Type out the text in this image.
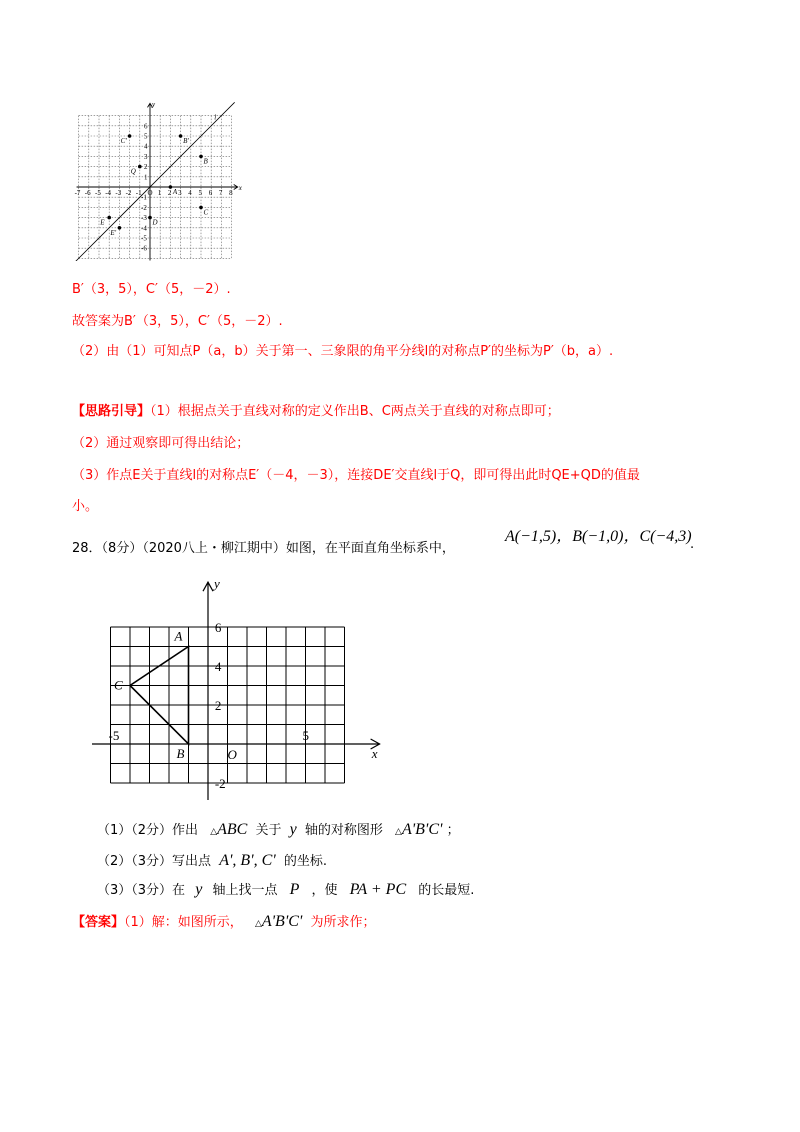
-7 -6 -5 -4 -3 -2 -1 O 1 2 3 4 5 6 7 8
6
5
4
3
2
1
-1
-2
-3
-4
-5
-6
x
y
l
C'	B'
B
A
C
D
E
E'
Q
B′（3，5），C′（5，－2）.
故答案为B′（3，5），C′（5，－2）.
（2）由（1）可知点P（a，b）关于第一、三象限的角平分线l的对称点P′的坐标为P′（b，a）.
【思路引导】（1）根据点关于直线对称的定义作出B、C两点关于直线的对称点即可；
（2）通过观察即可得出结论；
（3）作点E关于直线l的对称点E′（－4，－3），连接DE′交直线l于Q，即可得出此时QE+QD的值最
小。
28．（8分）（2020八上・柳江期中）如图，在平面直角坐标系中，
A(−1,5)，B(−1,0)，C(−4,3)
.
x
y
O
-5	5
6
4
2
-2
A
B
C
（1）（2分）作出 △ABC 关于 y 轴的对称图形 △A'B'C' ；
（2）（3分）写出点 A', B', C' 的坐标.
（3）（3分）在 y 轴上找一点 P ，使 PA + PC 的长最短.
【答案】（1）解：如图所示， △A'B'C' 为所求作；
